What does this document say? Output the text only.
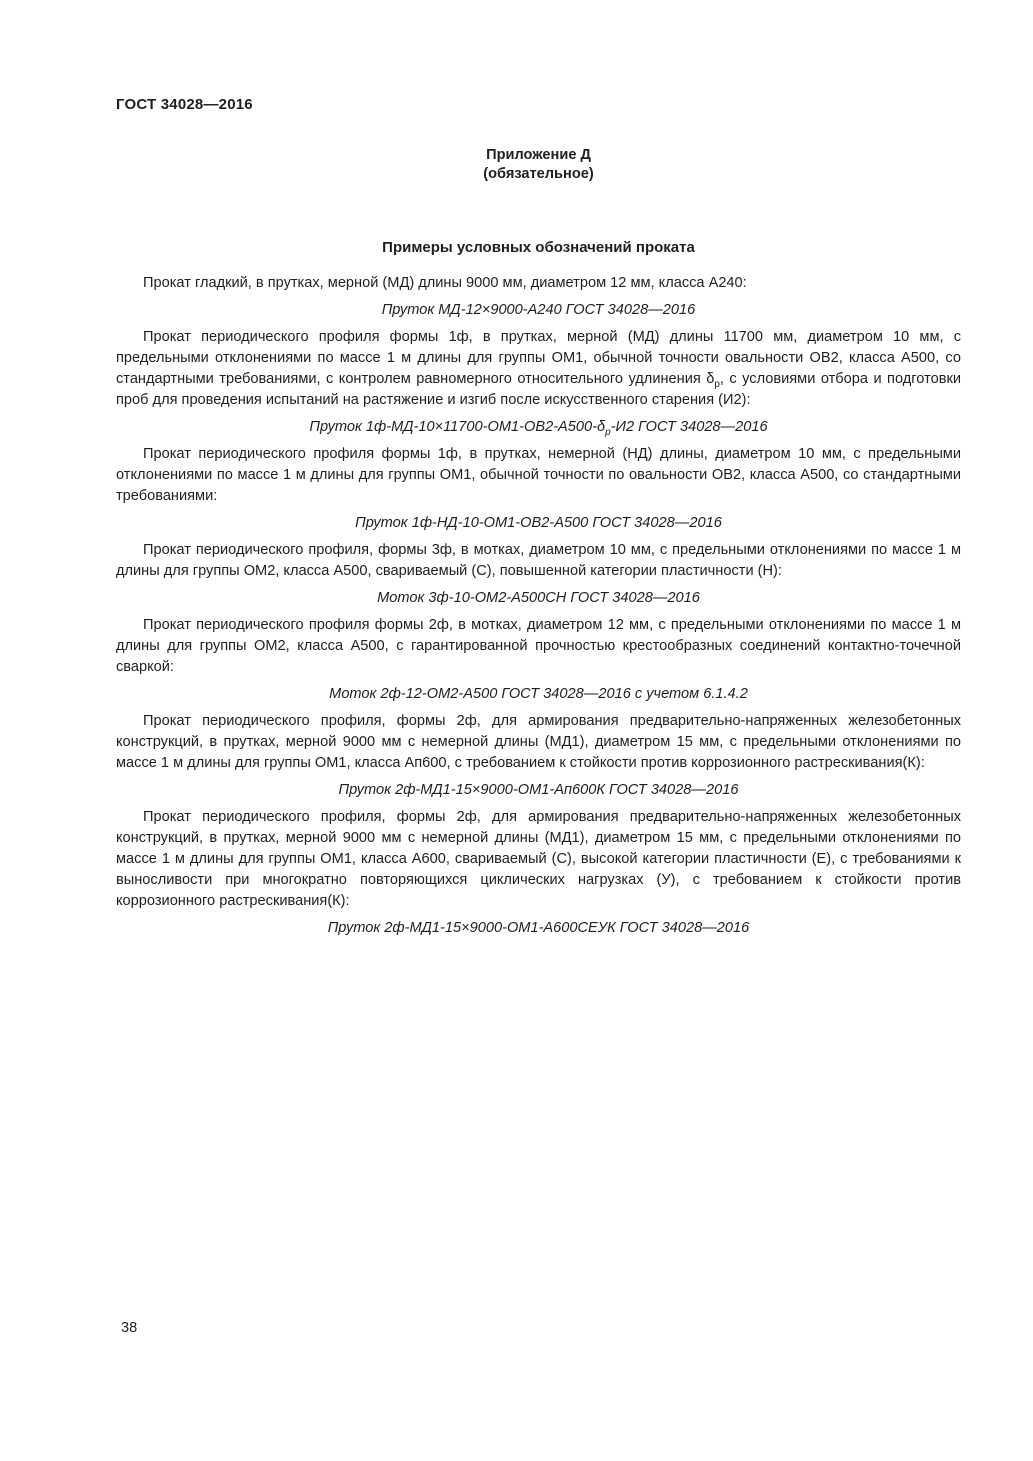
ГОСТ 34028—2016
Приложение Д
(обязательное)
Примеры условных обозначений проката

Прокат гладкий, в прутках, мерной (МД) длины 9000 мм, диаметром 12 мм, класса А240:

Пруток МД-12×9000-А240 ГОСТ 34028—2016

Прокат периодического профиля формы 1ф, в прутках, мерной (МД) длины 11700 мм, диаметром 10 мм, с предельными отклонениями по массе 1 м длины для группы ОМ1, обычной точности овальности ОВ2, класса А500, со стандартными требованиями, с контролем равномерного относительного удлинения $\delta_р$, с условиями отбора и подготовки проб для проведения испытаний на растяжение и изгиб после искусственного старения (И2):

Пруток $1ф-МД-10\times 11700-ОМ1-ОВ2-А500-\delta_р-И2$ ГОСТ 34028—2016

Прокат периодического профиля формы 1ф, в прутках, немерной (НД) длины, диаметром 10 мм, с предельными отклонениями по массе 1 м длины для группы ОМ1, обычной точности по овальности ОВ2, класса А500, со стандартными требованиями:

Пруток 1ф-НД-10-ОМ1-ОВ2-А500 ГОСТ 34028—2016

Прокат периодического профиля, формы 3ф, в мотках, диаметром 10 мм, с предельными отклонениями по массе 1 м длины для группы ОМ2, класса А500, свариваемый (С), повышенной категории пластичности (Н):

Моток 3ф-10-ОМ2-А500СН ГОСТ 34028—2016

Прокат периодического профиля формы 2ф, в мотках, диаметром 12 мм, с предельными отклонениями по массе 1 м длины для группы ОМ2, класса А500, с гарантированной прочностью крестообразных соединений контактно-точечной сваркой:

Моток 2ф-12-ОМ2-А500 ГОСТ 34028—2016 с учетом 6.1.4.2

Прокат периодического профиля, формы 2ф, для армирования предварительно-напряженных железобетонных конструкций, в прутках, мерной 9000 мм с немерной длины (МД1), диаметром 15 мм, с предельными отклонениями по массе 1 м длины для группы ОМ1, класса Ап600, с требованием к стойкости против коррозионного растрескивания(К):

Пруток 2ф-МД1-15×9000-ОМ1-Ап600К ГОСТ 34028—2016

Прокат периодического профиля, формы 2ф, для армирования предварительно-напряженных железобетонных конструкций, в прутках, мерной 9000 мм с немерной длины (МД1), диаметром 15 мм, с предельными отклонениями по массе 1 м длины для группы ОМ1, класса А600, свариваемый (С), высокой категории пластичности (Е), с требованиями к выносливости при многократно повторяющихся циклических нагрузках (У), с требованием к стойкости против коррозионного растрескивания(К):

Пруток 2ф-МД1-15×9000-ОМ1-А600СЕУК ГОСТ 34028—2016

38
